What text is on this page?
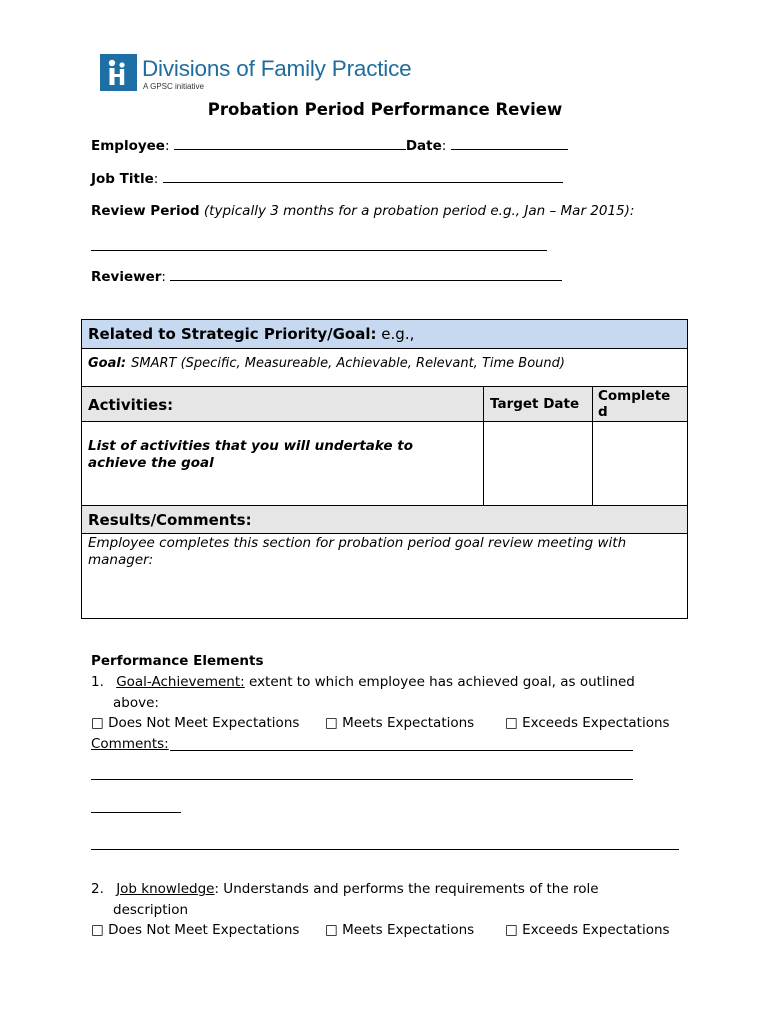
Divisions of Family Practice
A GPSC initiative
Probation Period Performance Review
Employee:	Date:
Job Title:
Review Period (typically 3 months for a probation period e.g., Jan – Mar 2015):
Reviewer:
Related to Strategic Priority/Goal: e.g.,
Goal: SMART (Specific, Measureable, Achievable, Relevant, Time Bound)
Activities:	Target Date Complete
d
List of activities that you will undertake to
achieve the goal
Results/Comments:
Employee completes this section for probation period goal review meeting with
manager:
Performance Elements
1. Goal-Achievement: extent to which employee has achieved goal, as outlined
above:
□ Does Not Meet Expectations □ Meets Expectations □ Exceeds Expectations
Comments:
2. Job knowledge: Understands and performs the requirements of the role
description
□ Does Not Meet Expectations □ Meets Expectations □ Exceeds Expectations
